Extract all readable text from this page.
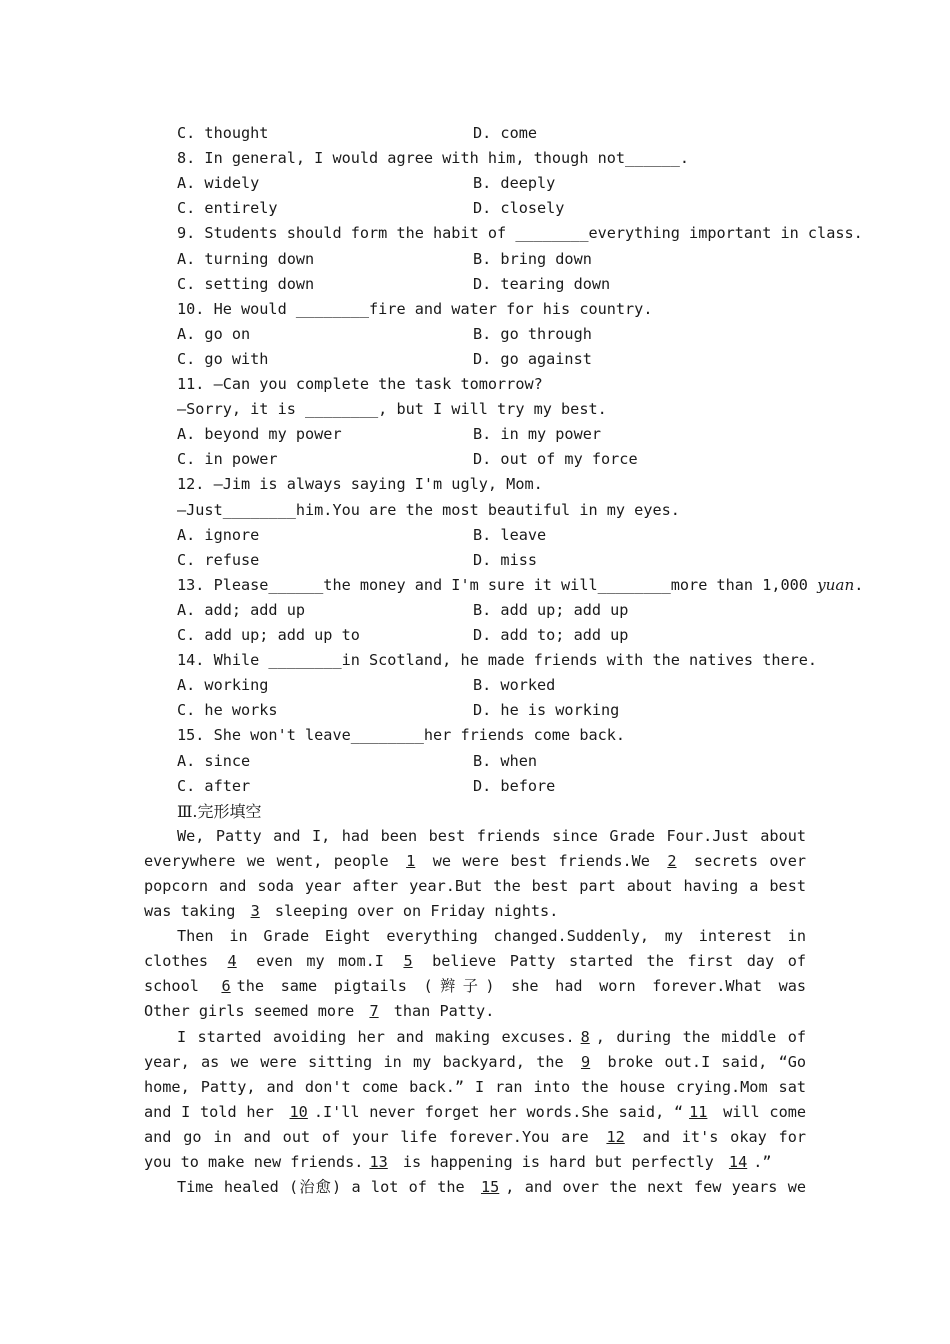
C. thought	D. come
8. In general, I would agree with him, though not______.
A. widely	B. deeply
C. entirely	D. closely
9. Students should form the habit of ________everything important in class.
A. turning down	B. bring down
C. setting down	D. tearing down
10. He would ________fire and water for his country.
A. go on	B. go through
C. go with	D. go against
11. —Can you complete the task tomorrow?
—Sorry, it is ________, but I will try my best.
A. beyond my power	B. in my power
C. in power	D. out of my force
12. —Jim is always saying I'm ugly, Mom.
—Just________him.You are the most beautiful in my eyes.
A. ignore	B. leave
C. refuse	D. miss
13. Please______the money and I'm sure it will________more than 1,000 yuan.
A. add; add up	B. add up; add up
C. add up; add up to	D. add to; add up
14. While ________in Scotland, he made friends with the natives there.
A. working	B. worked
C. he works	D. he is working
15. She won't leave________her friends come back.
A. since	B. when
C. after	D. before
Ⅲ.完形填空
We, Patty and I, had been best friends since Grade Four.Just about
everywhere we went, people 1 we were best friends.We 2 secrets over
popcorn and soda year after year.But the best part about having a best
was taking 3 sleeping over on Friday nights.
Then in Grade Eight everything changed.Suddenly, my interest in
clothes 4 even my mom.I 5 believe Patty started the first day of
school 6 the same pigtails (辫子) she had worn forever.What was
Other girls seemed more 7 than Patty.
I started avoiding her and making excuses. 8 , during the middle of
year, as we were sitting in my backyard, the 9 broke out.I said, “Go
home, Patty, and don't come back.” I ran into the house crying.Mom sat
and I told her 10 .I'll never forget her words.She said, “ 11 will come
and go in and out of your life forever.You are 12 and it's okay for
you to make new friends. 13 is happening is hard but perfectly 14 .”
Time healed (治愈) a lot of the 15 , and over the next few years we
